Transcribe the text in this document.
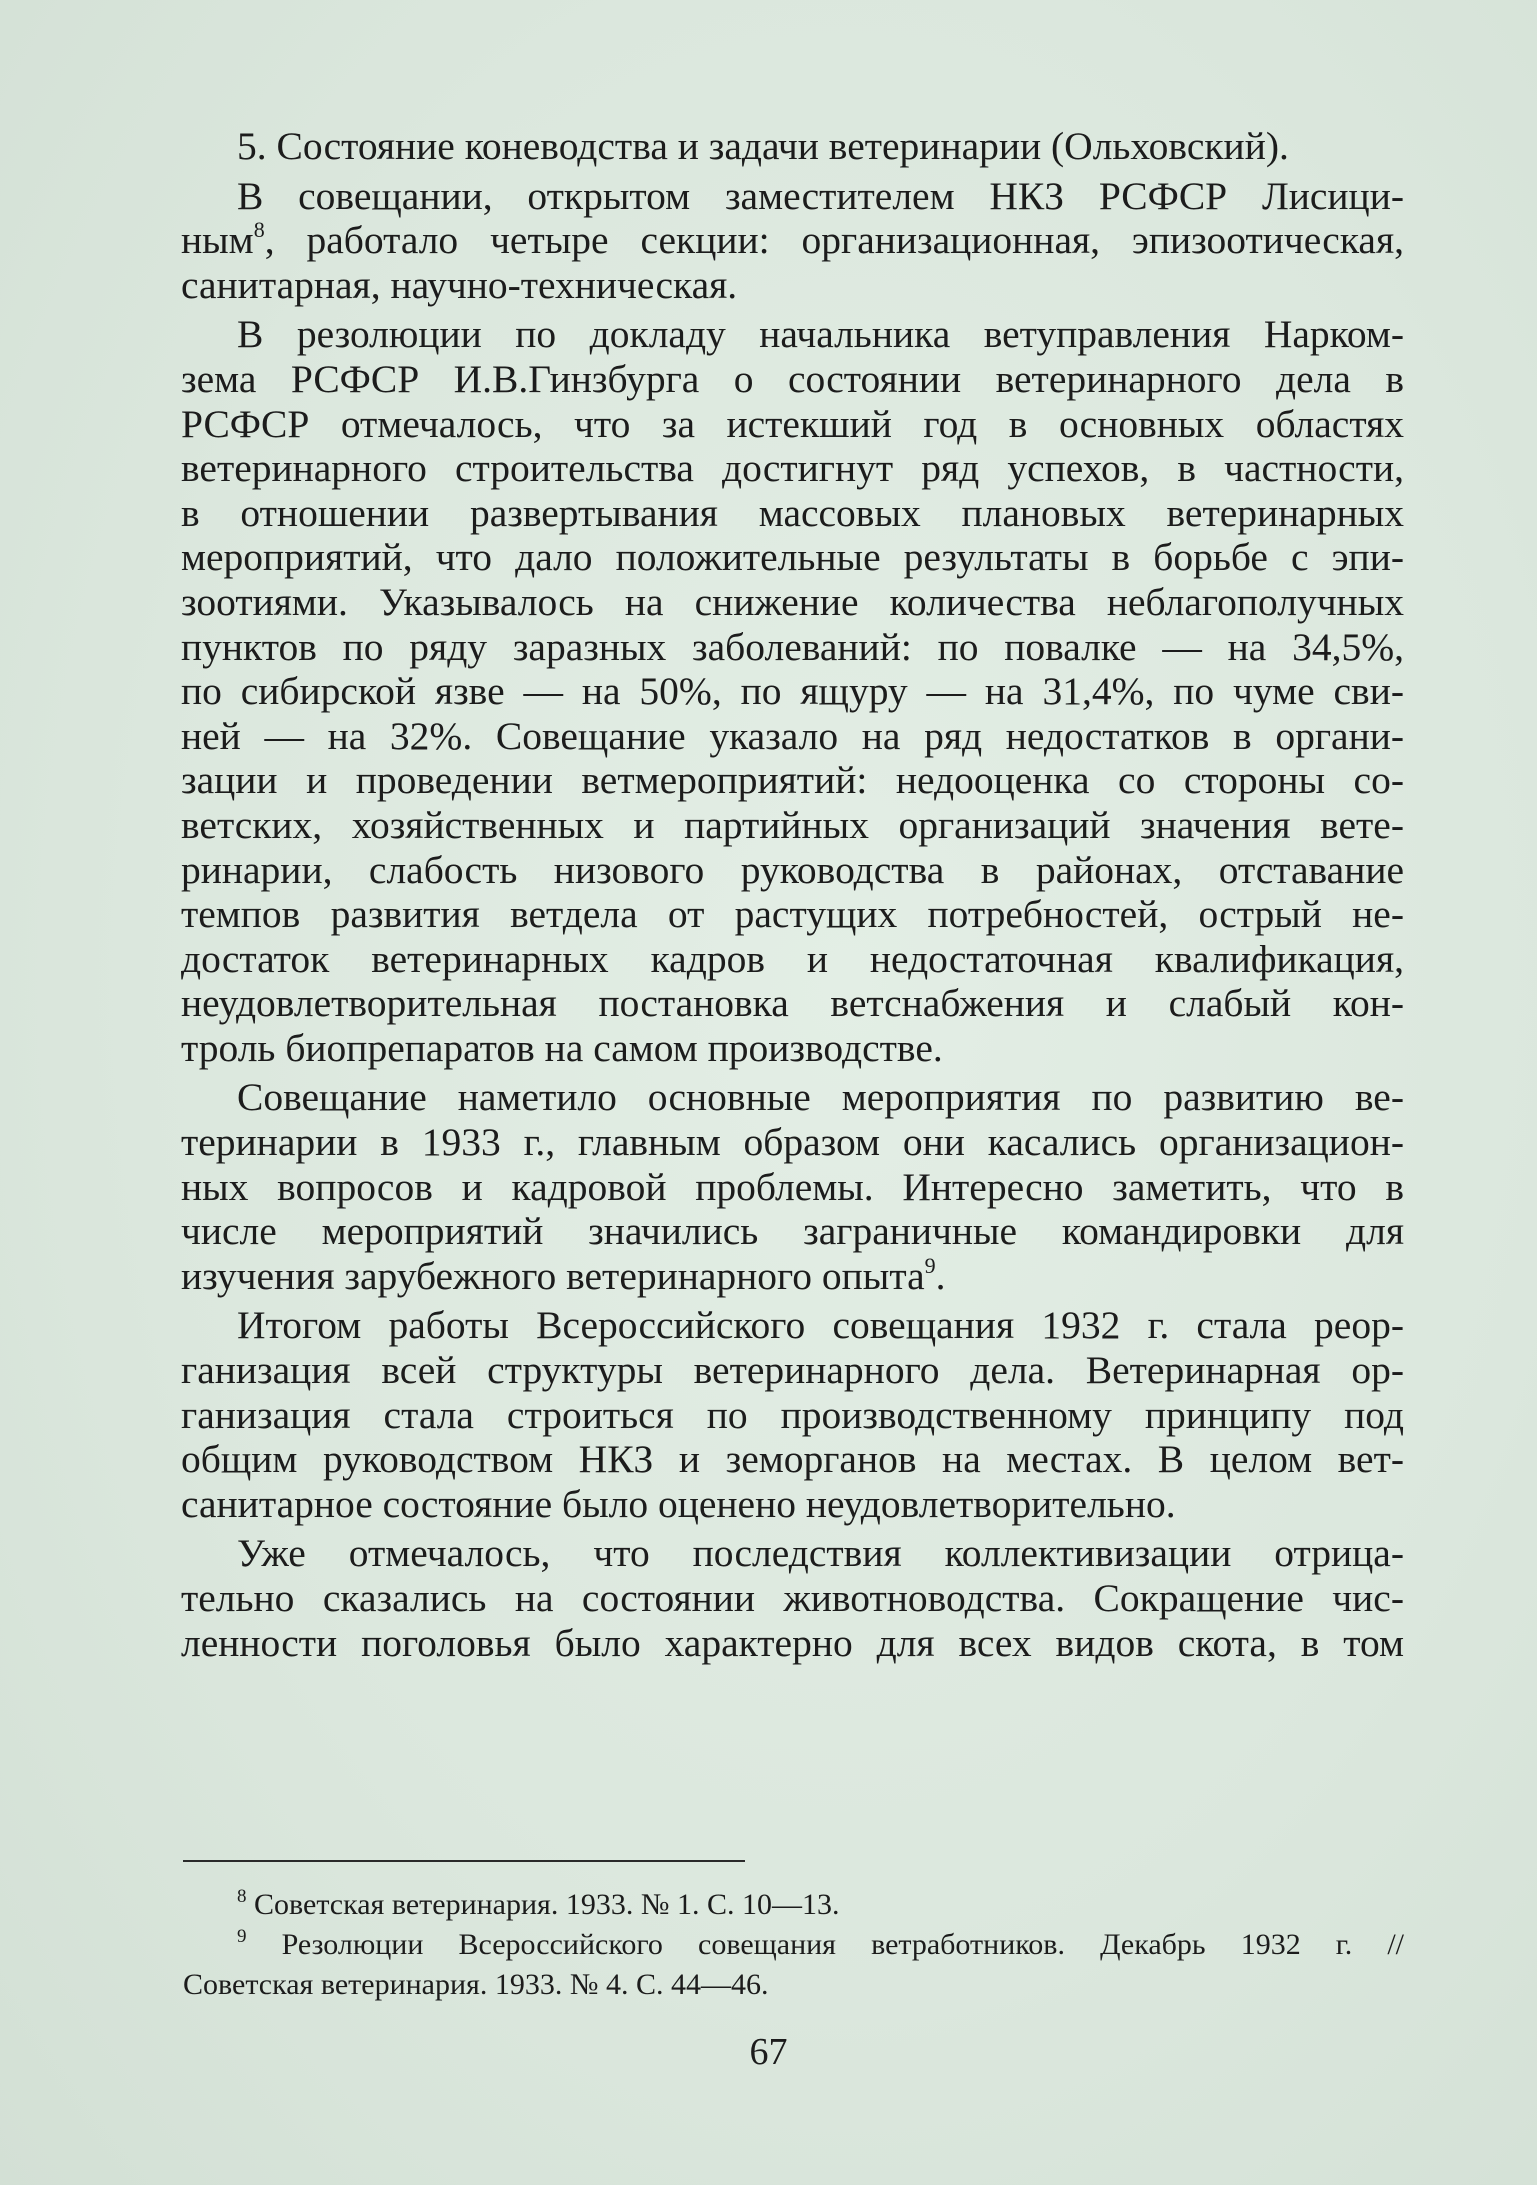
5. Состояние коневодства и задачи ветеринарии (Ольховский).

В совещании, открытом заместителем НКЗ РСФСР Лисици-
ным$^8$, работало четыре секции: организационная, эпизоотическая,
санитарная, научно-техническая.

В резолюции по докладу начальника ветуправления Нарком-
зема РСФСР И.В.Гинзбурга о состоянии ветеринарного дела в
РСФСР отмечалось, что за истекший год в основных областях
ветеринарного строительства достигнут ряд успехов, в частности,
в отношении развертывания массовых плановых ветеринарных
мероприятий, что дало положительные результаты в борьбе с эпи-
зоотиями. Указывалось на снижение количества неблагополучных
пунктов по ряду заразных заболеваний: по повалке — на 34,5%,
по сибирской язве — на 50%, по ящуру — на 31,4%, по чуме сви-
ней — на 32%. Совещание указало на ряд недостатков в органи-
зации и проведении ветмероприятий: недооценка со стороны со-
ветских, хозяйственных и партийных организаций значения вете-
ринарии, слабость низового руководства в районах, отставание
темпов развития ветдела от растущих потребностей, острый не-
достаток ветеринарных кадров и недостаточная квалификация,
неудовлетворительная постановка ветснабжения и слабый кон-
троль биопрепаратов на самом производстве.

Совещание наметило основные мероприятия по развитию ве-
теринарии в 1933 г., главным образом они касались организацион-
ных вопросов и кадровой проблемы. Интересно заметить, что в
числе мероприятий значились заграничные командировки для
изучения зарубежного ветеринарного опыта$^9$.

Итогом работы Всероссийского совещания 1932 г. стала реор-
ганизация всей структуры ветеринарного дела. Ветеринарная ор-
ганизация стала строиться по производственному принципу под
общим руководством НКЗ и земорганов на местах. В целом вет-
санитарное состояние было оценено неудовлетворительно.

Уже отмечалось, что последствия коллективизации отрица-
тельно сказались на состоянии животноводства. Сокращение чис-
ленности поголовья было характерно для всех видов скота, в том

$^8$ Советская ветеринария. 1933. № 1. С. 10—13.

$^9$ Резолюции Всероссийского совещания ветработников. Декабрь 1932 г. //
Советская ветеринария. 1933. № 4. С. 44—46.

67
